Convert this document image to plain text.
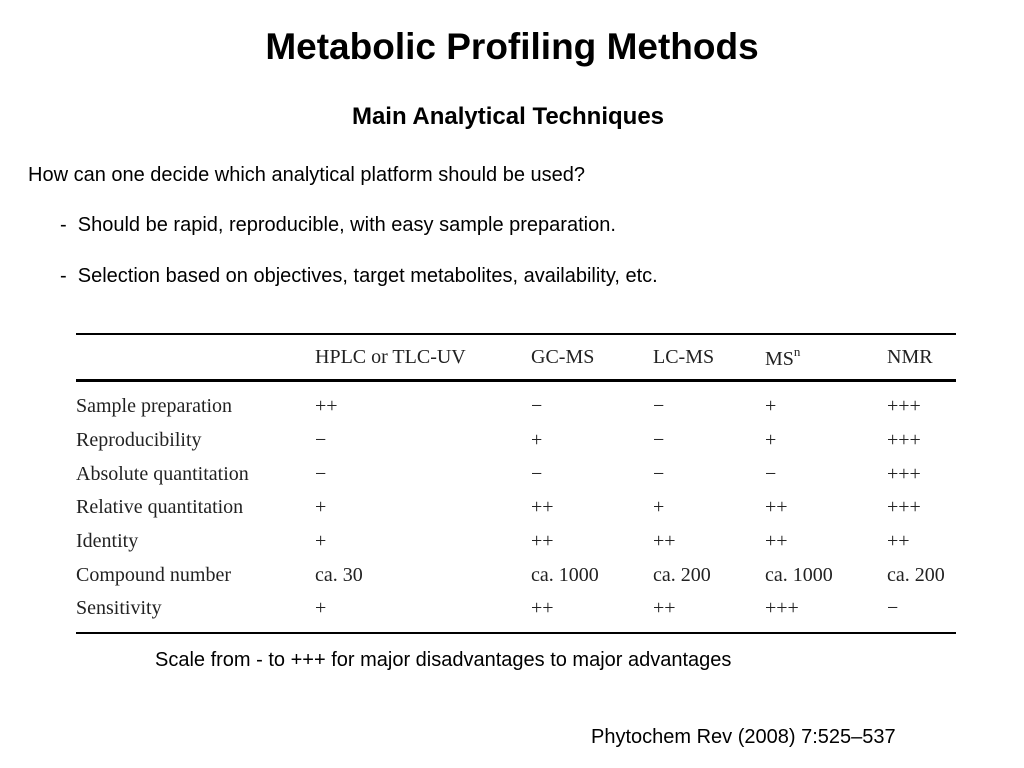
Metabolic Profiling Methods
Main Analytical Techniques

How can one decide which analytical platform should be used?

-  Should be rapid, reproducible, with easy sample preparation.

-  Selection based on objectives, target metabolites, availability, etc.

	HPLC or TLC-UV	GC-MS	LC-MS	$MS^n$	NMR
Sample preparation	++	−	−	+	+++
Reproducibility	−	+	−	+	+++
Absolute quantitation	−	−	−	−	+++
Relative quantitation	+	++	+	++	+++
Identity	+	++	++	++	++
Compound number	ca. 30	ca. 1000	ca. 200	ca. 1000	ca. 200
Sensitivity	+	++	++	+++	−

Scale from - to +++ for major disadvantages to major advantages

Phytochem Rev (2008) 7:525–537
